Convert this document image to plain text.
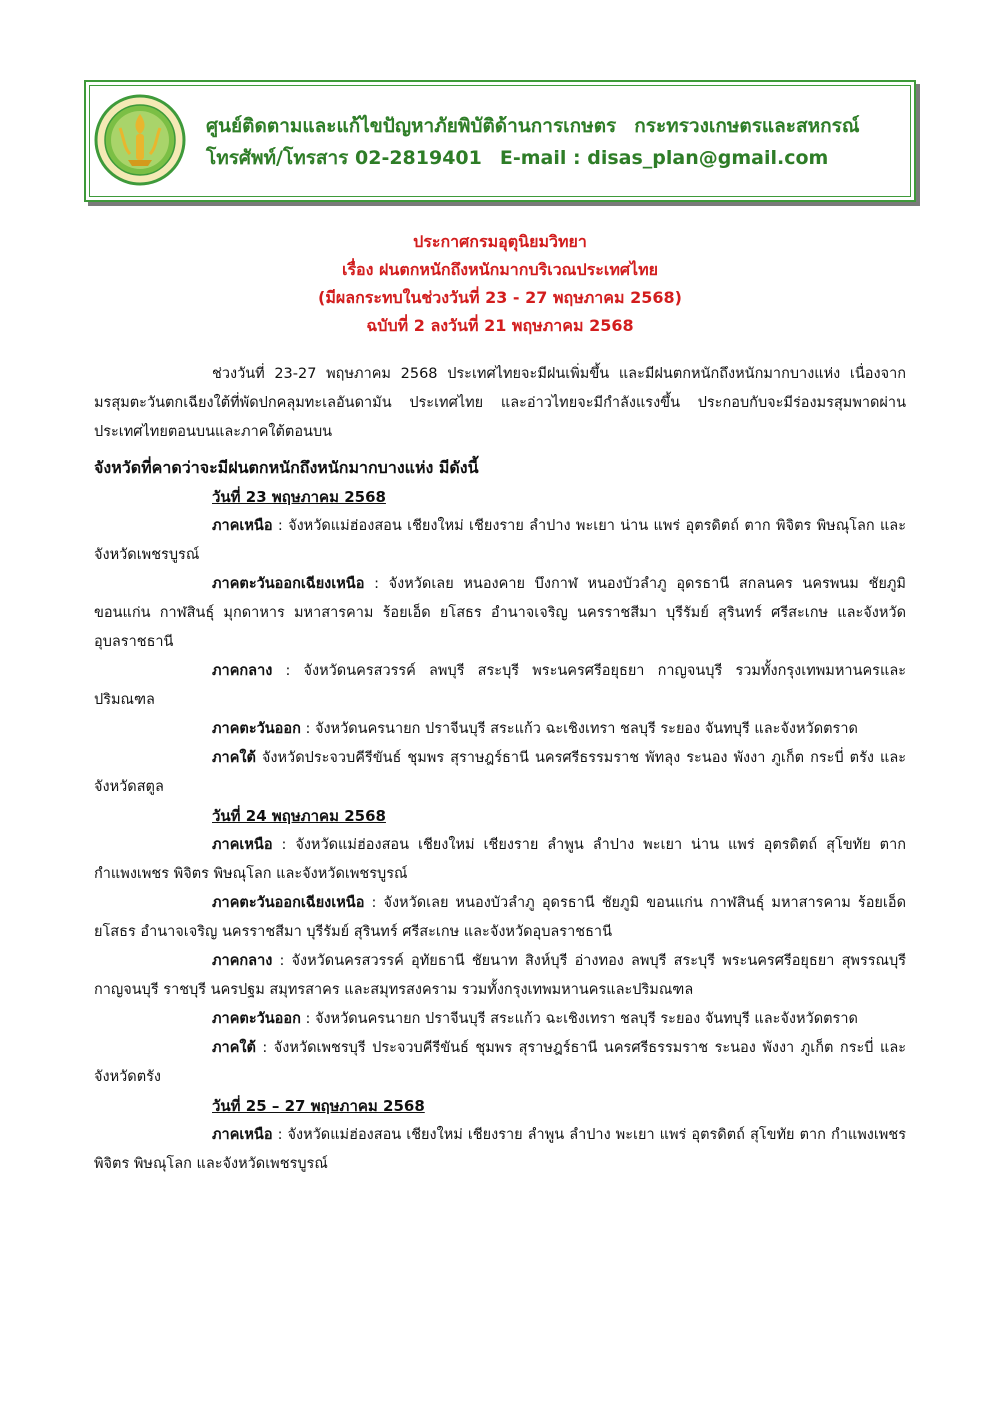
ศูนย์ติดตามและแก้ไขปัญหาภัยพิบัติด้านการเกษตร กระทรวงเกษตรและสหกรณ์
โทรศัพท์/โทรสาร 02-2819401 E-mail : disas_plan@gmail.com
ประกาศกรมอุตุนิยมวิทยา
เรื่อง ฝนตกหนักถึงหนักมากบริเวณประเทศไทย
(มีผลกระทบในช่วงวันที่ 23 - 27 พฤษภาคม 2568)
ฉบับที่ 2 ลงวันที่ 21 พฤษภาคม 2568

ช่วงวันที่ 23-27 พฤษภาคม 2568 ประเทศไทยจะมีฝนเพิ่มขึ้น และมีฝนตกหนักถึงหนักมากบางแห่ง เนื่องจากมรสุมตะวันตกเฉียงใต้ที่พัดปกคลุมทะเลอันดามัน ประเทศไทย และอ่าวไทยจะมีกำลังแรงขึ้น ประกอบกับจะมีร่องมรสุมพาดผ่านประเทศไทยตอนบนและภาคใต้ตอนบน

จังหวัดที่คาดว่าจะมีฝนตกหนักถึงหนักมากบางแห่ง มีดังนี้

วันที่ 23 พฤษภาคม 2568

ภาคเหนือ : จังหวัดแม่ฮ่องสอน เชียงใหม่ เชียงราย ลำปาง พะเยา น่าน แพร่ อุตรดิตถ์ ตาก พิจิตร พิษณุโลก และจังหวัดเพชรบูรณ์

ภาคตะวันออกเฉียงเหนือ : จังหวัดเลย หนองคาย บึงกาฬ หนองบัวลำภู อุดรธานี สกลนคร นครพนม ชัยภูมิ ขอนแก่น กาฬสินธุ์ มุกดาหาร มหาสารคาม ร้อยเอ็ด ยโสธร อำนาจเจริญ นครราชสีมา บุรีรัมย์ สุรินทร์ ศรีสะเกษ และจังหวัดอุบลราชธานี

ภาคกลาง : จังหวัดนครสวรรค์ ลพบุรี สระบุรี พระนครศรีอยุธยา กาญจนบุรี รวมทั้งกรุงเทพมหานครและปริมณฑล

ภาคตะวันออก : จังหวัดนครนายก ปราจีนบุรี สระแก้ว ฉะเชิงเทรา ชลบุรี ระยอง จันทบุรี และจังหวัดตราด

ภาคใต้ จังหวัดประจวบคีรีขันธ์ ชุมพร สุราษฎร์ธานี นครศรีธรรมราช พัทลุง ระนอง พังงา ภูเก็ต กระบี่ ตรัง และจังหวัดสตูล

วันที่ 24 พฤษภาคม 2568

ภาคเหนือ : จังหวัดแม่ฮ่องสอน เชียงใหม่ เชียงราย ลำพูน ลำปาง พะเยา น่าน แพร่ อุตรดิตถ์ สุโขทัย ตาก กำแพงเพชร พิจิตร พิษณุโลก และจังหวัดเพชรบูรณ์

ภาคตะวันออกเฉียงเหนือ : จังหวัดเลย หนองบัวลำภู อุดรธานี ชัยภูมิ ขอนแก่น กาฬสินธุ์ มหาสารคาม ร้อยเอ็ด ยโสธร อำนาจเจริญ นครราชสีมา บุรีรัมย์ สุรินทร์ ศรีสะเกษ และจังหวัดอุบลราชธานี

ภาคกลาง : จังหวัดนครสวรรค์ อุทัยธานี ชัยนาท สิงห์บุรี อ่างทอง ลพบุรี สระบุรี พระนครศรีอยุธยา สุพรรณบุรี กาญจนบุรี ราชบุรี นครปฐม สมุทรสาคร และสมุทรสงคราม รวมทั้งกรุงเทพมหานครและปริมณฑล

ภาคตะวันออก : จังหวัดนครนายก ปราจีนบุรี สระแก้ว ฉะเชิงเทรา ชลบุรี ระยอง จันทบุรี และจังหวัดตราด

ภาคใต้ : จังหวัดเพชรบุรี ประจวบคีรีขันธ์ ชุมพร สุราษฎร์ธานี นครศรีธรรมราช ระนอง พังงา ภูเก็ต กระบี่ และจังหวัดตรัง

วันที่ 25 – 27 พฤษภาคม 2568

ภาคเหนือ : จังหวัดแม่ฮ่องสอน เชียงใหม่ เชียงราย ลำพูน ลำปาง พะเยา แพร่ อุตรดิตถ์ สุโขทัย ตาก กำแพงเพชร พิจิตร พิษณุโลก และจังหวัดเพชรบูรณ์
